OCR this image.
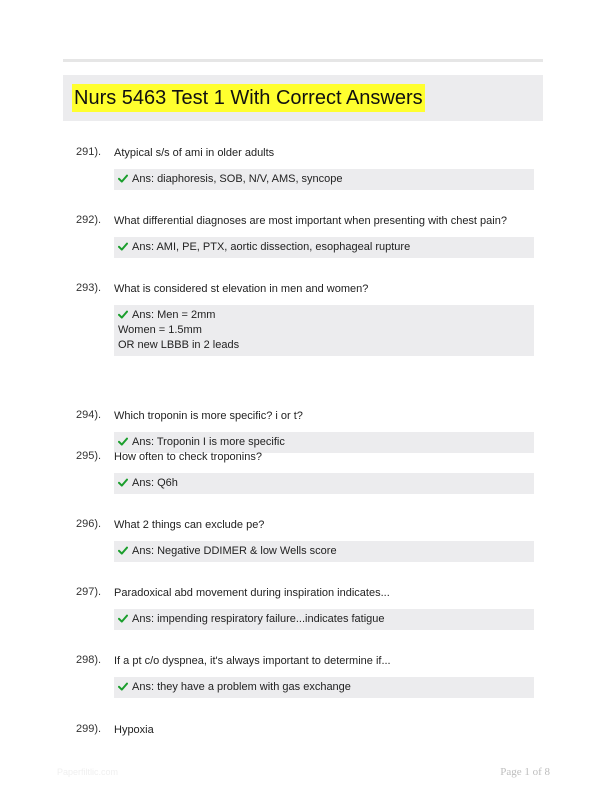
Nurs 5463 Test 1 With Correct Answers
291). Atypical s/s of ami in older adults
Ans: diaphoresis, SOB, N/V, AMS, syncope
292). What differential diagnoses are most important when presenting with chest pain?
Ans: AMI, PE, PTX, aortic dissection, esophageal rupture
293). What is considered st elevation in men and women?
Ans: Men = 2mm
Women = 1.5mm
OR new LBBB in 2 leads
294). Which troponin is more specific? i or t?
Ans: Troponin I is more specific
295). How often to check troponins?
Ans: Q6h
296). What 2 things can exclude pe?
Ans: Negative DDIMER & low Wells score
297). Paradoxical abd movement during inspiration indicates...
Ans: impending respiratory failure...indicates fatigue
298). If a pt c/o dyspnea, it's always important to determine if...
Ans: they have a problem with gas exchange
299). Hypoxia
Paperfiltlic.com	Page 1 of 8
